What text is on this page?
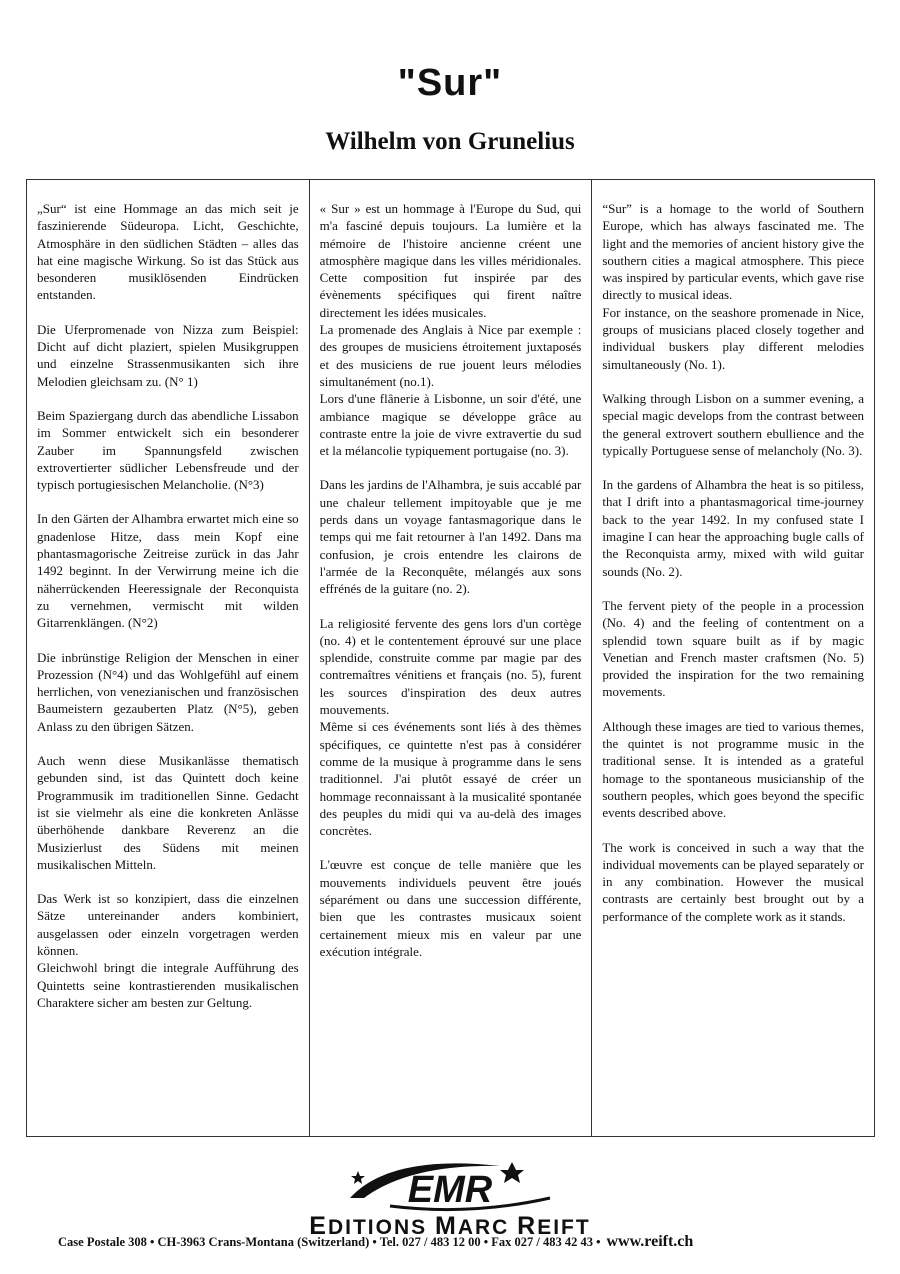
"Sur"
Wilhelm von Grunelius

„Sur“ ist eine Hommage an das mich seit je faszinierende Südeuropa. Licht, Geschichte, Atmosphäre in den südlichen Städten – alles das hat eine magische Wirkung. So ist das Stück aus besonderen musiklösenden Eindrücken entstanden.

Die Uferpromenade von Nizza zum Beispiel: Dicht auf dicht plaziert, spielen Musikgruppen und einzelne Strassenmusikanten sich ihre Melodien gleichsam zu. (N° 1)

Beim Spaziergang durch das abendliche Lissabon im Sommer entwickelt sich ein besonderer Zauber im Spannungsfeld zwischen extrovertierter südlicher Lebensfreude und der typisch portugiesischen Melancholie. (N°3)

In den Gärten der Alhambra erwartet mich eine so gnadenlose Hitze, dass mein Kopf eine phantasmagorische Zeitreise zurück in das Jahr 1492 beginnt. In der Verwirrung meine ich die näherrückenden Heeressignale der Reconquista zu vernehmen, vermischt mit wilden Gitarrenklängen. (N°2)

Die inbrünstige Religion der Menschen in einer Prozession (N°4) und das Wohlgefühl auf einem herrlichen, von venezianischen und französischen Baumeistern gezauberten Platz (N°5), geben Anlass zu den übrigen Sätzen.

Auch wenn diese Musikanlässe thematisch gebunden sind, ist das Quintett doch keine Programmusik im traditionellen Sinne. Gedacht ist sie vielmehr als eine die konkreten Anlässe überhöhende dankbare Reverenz an die Musizierlust des Südens mit meinen musikalischen Mitteln.

Das Werk ist so konzipiert, dass die einzelnen Sätze untereinander anders kombiniert, ausgelassen oder einzeln vorgetragen werden können.

Gleichwohl bringt die integrale Aufführung des Quintetts seine kontrastierenden musikalischen Charaktere sicher am besten zur Geltung.

« Sur » est un hommage à l'Europe du Sud, qui m'a fasciné depuis toujours. La lumière et la mémoire de l'histoire ancienne créent une atmosphère magique dans les villes méridionales. Cette composition fut inspirée par des évènements spécifiques qui firent naître directement les idées musicales.

La promenade des Anglais à Nice par exemple : des groupes de musiciens étroitement juxtaposés et des musiciens de rue jouent leurs mélodies simultanément (no.1).

Lors d'une flânerie à Lisbonne, un soir d'été, une ambiance magique se développe grâce au contraste entre la joie de vivre extravertie du sud et la mélancolie typiquement portugaise (no. 3).

Dans les jardins de l'Alhambra, je suis accablé par une chaleur tellement impitoyable que je me perds dans un voyage fantasmagorique dans le temps qui me fait retourner à l'an 1492. Dans ma confusion, je crois entendre les clairons de l'armée de la Reconquête, mélangés aux sons effrénés de la guitare (no. 2).

La religiosité fervente des gens lors d'un cortège (no. 4) et le contentement éprouvé sur une place splendide, construite comme par magie par des contremaîtres vénitiens et français (no. 5), furent les sources d'inspiration des deux autres mouvements.

Même si ces événements sont liés à des thèmes spécifiques, ce quintette n'est pas à considérer comme de la musique à programme dans le sens traditionnel. J'ai plutôt essayé de créer un hommage reconnaissant à la musicalité spontanée des peuples du midi qui va au-delà des images concrètes.

L'œuvre est conçue de telle manière que les mouvements individuels peuvent être joués séparément ou dans une succession différente, bien que les contrastes musicaux soient certainement mieux mis en valeur par une exécution intégrale.

“Sur” is a homage to the world of Southern Europe, which has always fascinated me. The light and the memories of ancient history give the southern cities a magical atmosphere. This piece was inspired by particular events, which gave rise directly to musical ideas.

For instance, on the seashore promenade in Nice, groups of musicians placed closely together and individual buskers play different melodies simultaneously (No. 1).

Walking through Lisbon on a summer evening, a special magic develops from the contrast between the general extrovert southern ebullience and the typically Portuguese sense of melancholy (No. 3).

In the gardens of Alhambra the heat is so pitiless, that I drift into a phantasmagorical time-journey back to the year 1492. In my confused state I imagine I can hear the approaching bugle calls of the Reconquista army, mixed with wild guitar sounds (No. 2).

The fervent piety of the people in a procession (No. 4) and the feeling of contentment on a splendid town square built as if by magic Venetian and French master craftsmen (No. 5) provided the inspiration for the two remaining movements.

Although these images are tied to various themes, the quintet is not programme music in the traditional sense. It is intended as a grateful homage to the spontaneous musicianship of the southern peoples, which goes beyond the specific events described above.

The work is conceived in such a way that the individual movements can be played separately or in any combination. However the musical contrasts are certainly best brought out by a performance of the complete work as it stands.

EMR
EDITIONS MARC REIFT
Case Postale 308 • CH-3963 Crans-Montana (Switzerland) • Tel. 027 / 483 12 00 • Fax 027 / 483 42 43 • www.reift.ch
